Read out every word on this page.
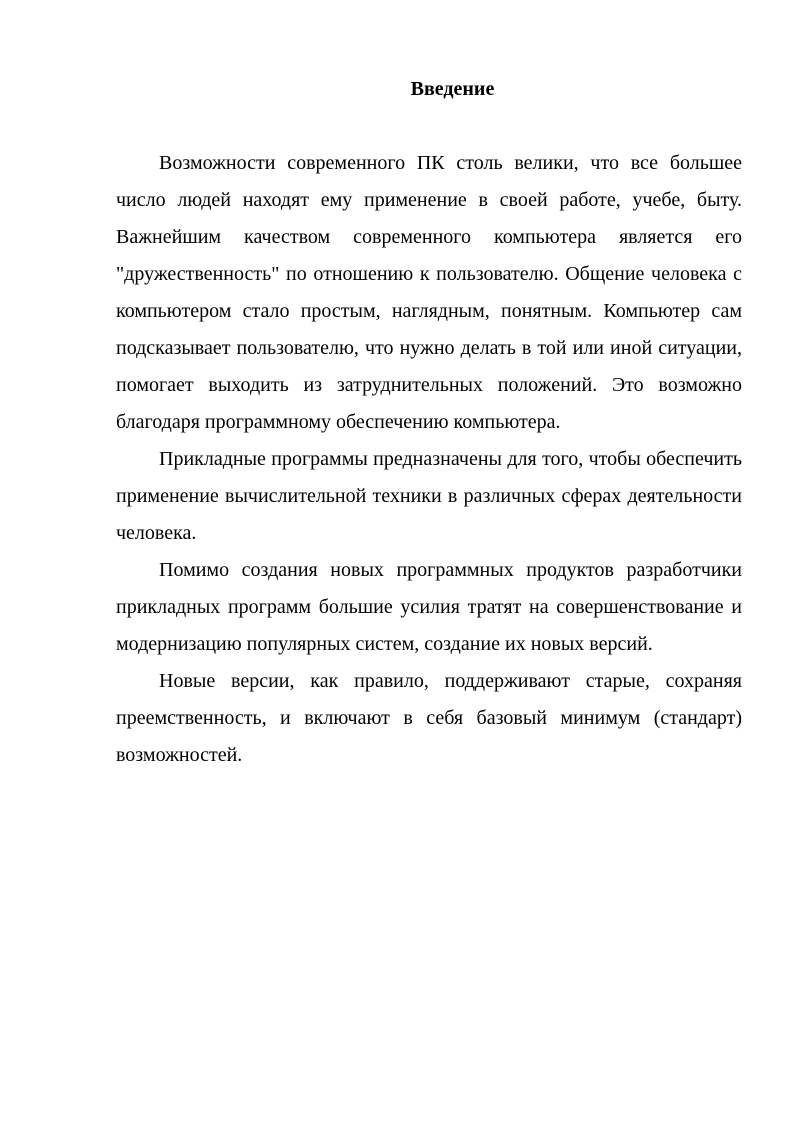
Введение

Возможности современного ПК столь велики, что все большее число людей находят ему применение в своей работе, учебе, быту. Важнейшим качеством современного компьютера является его "дружественность" по отношению к пользователю. Общение человека с компьютером стало простым, наглядным, понятным. Компьютер сам подсказывает пользователю, что нужно делать в той или иной ситуации, помогает выходить из затруднительных положений. Это возможно благодаря программному обеспечению компьютера.

Прикладные программы предназначены для того, чтобы обеспечить применение вычислительной техники в различных сферах деятельности человека.

Помимо создания новых программных продуктов разработчики прикладных программ большие усилия тратят на совершенствование и модернизацию популярных систем, создание их новых версий.

Новые версии, как правило, поддерживают старые, сохраняя преемственность, и включают в себя базовый минимум (стандарт) возможностей.
